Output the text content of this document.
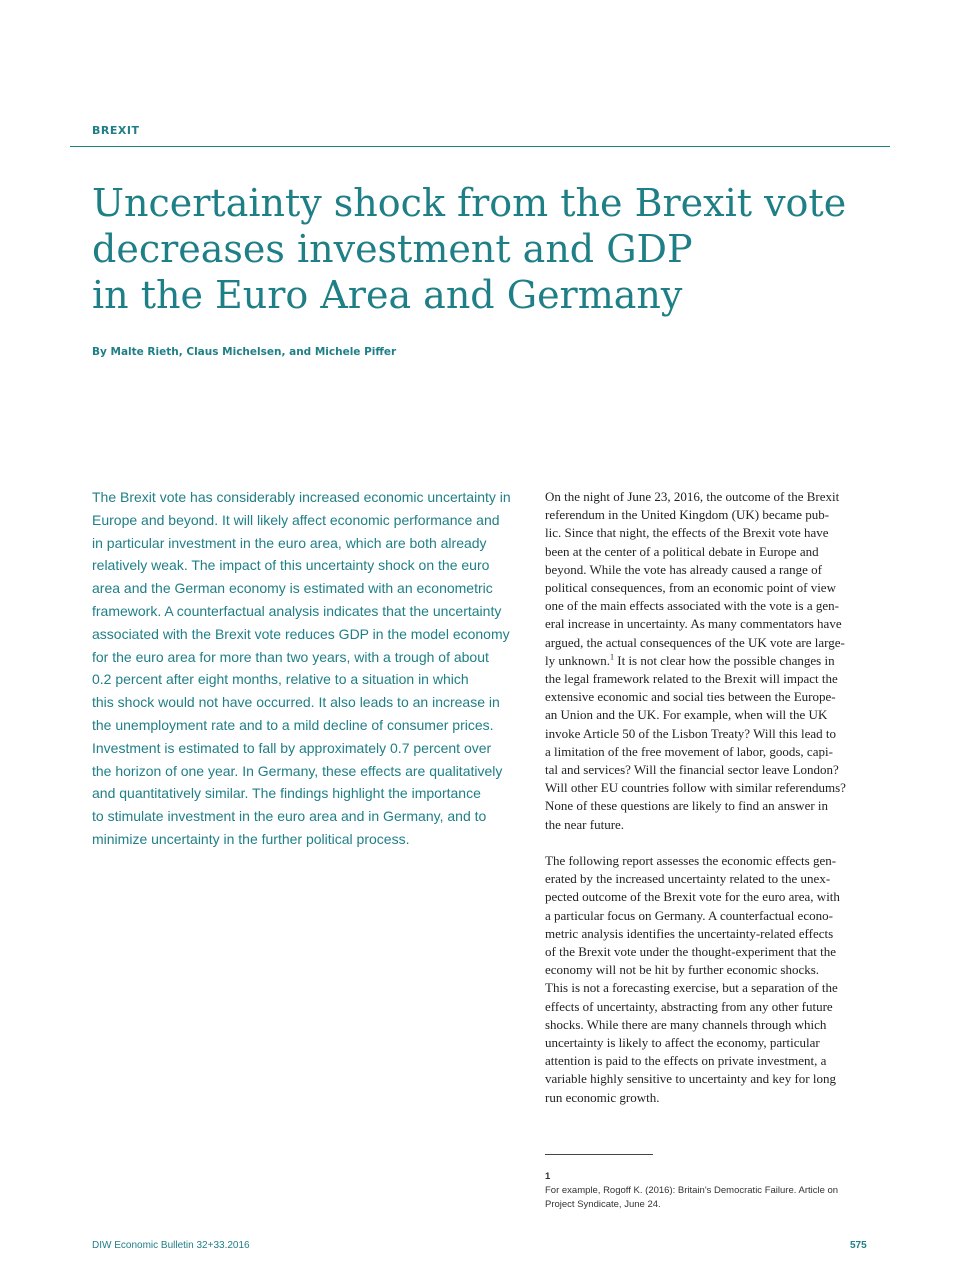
BREXIT
Uncertainty shock from the Brexit vote
decreases investment and GDP
in the Euro Area and Germany
By Malte Rieth, Claus Michelsen, and Michele Piffer

The Brexit vote has considerably increased economic uncertainty in
Europe and beyond. It will likely affect economic performance and
in particular investment in the euro area, which are both already
relatively weak. The impact of this uncertainty shock on the euro
area and the German economy is estimated with an econometric
framework. A counterfactual analysis indicates that the uncertainty
associated with the Brexit vote reduces GDP in the model economy
for the euro area for more than two years, with a trough of about
0.2 percent after eight months, relative to a situation in which
this shock would not have occurred. It also leads to an increase in
the unemployment rate and to a mild decline of consumer prices.
Investment is estimated to fall by approximately 0.7 percent over
the horizon of one year. In Germany, these effects are qualitatively
and quantitatively similar. The findings highlight the importance
to stimulate investment in the euro area and in Germany, and to
minimize uncertainty in the further political process.

On the night of June 23, 2016, the outcome of the Brexit
referendum in the United Kingdom (UK) became pub-
lic. Since that night, the effects of the Brexit vote have
been at the center of a political debate in Europe and
beyond. While the vote has already caused a range of
political consequences, from an economic point of view
one of the main effects associated with the vote is a gen-
eral increase in uncertainty. As many commentators have
argued, the actual consequences of the UK vote are large-
ly unknown.$^1$ It is not clear how the possible changes in
the legal framework related to the Brexit will impact the
extensive economic and social ties between the Europe-
an Union and the UK. For example, when will the UK
invoke Article 50 of the Lisbon Treaty? Will this lead to
a limitation of the free movement of labor, goods, capi-
tal and services? Will the financial sector leave London?
Will other EU countries follow with similar referendums?
None of these questions are likely to find an answer in
the near future.

The following report assesses the economic effects gen-
erated by the increased uncertainty related to the unex-
pected outcome of the Brexit vote for the euro area, with
a particular focus on Germany. A counterfactual econo-
metric analysis identifies the uncertainty-related effects
of the Brexit vote under the thought-experiment that the
economy will not be hit by further economic shocks.
This is not a forecasting exercise, but a separation of the
effects of uncertainty, abstracting from any other future
shocks. While there are many channels through which
uncertainty is likely to affect the economy, particular
attention is paid to the effects on private investment, a
variable highly sensitive to uncertainty and key for long
run economic growth.

1
For example, Rogoff K. (2016): Britain's Democratic Failure. Article on
Project Syndicate, June 24.

DIW Economic Bulletin 32+33.2016	575
